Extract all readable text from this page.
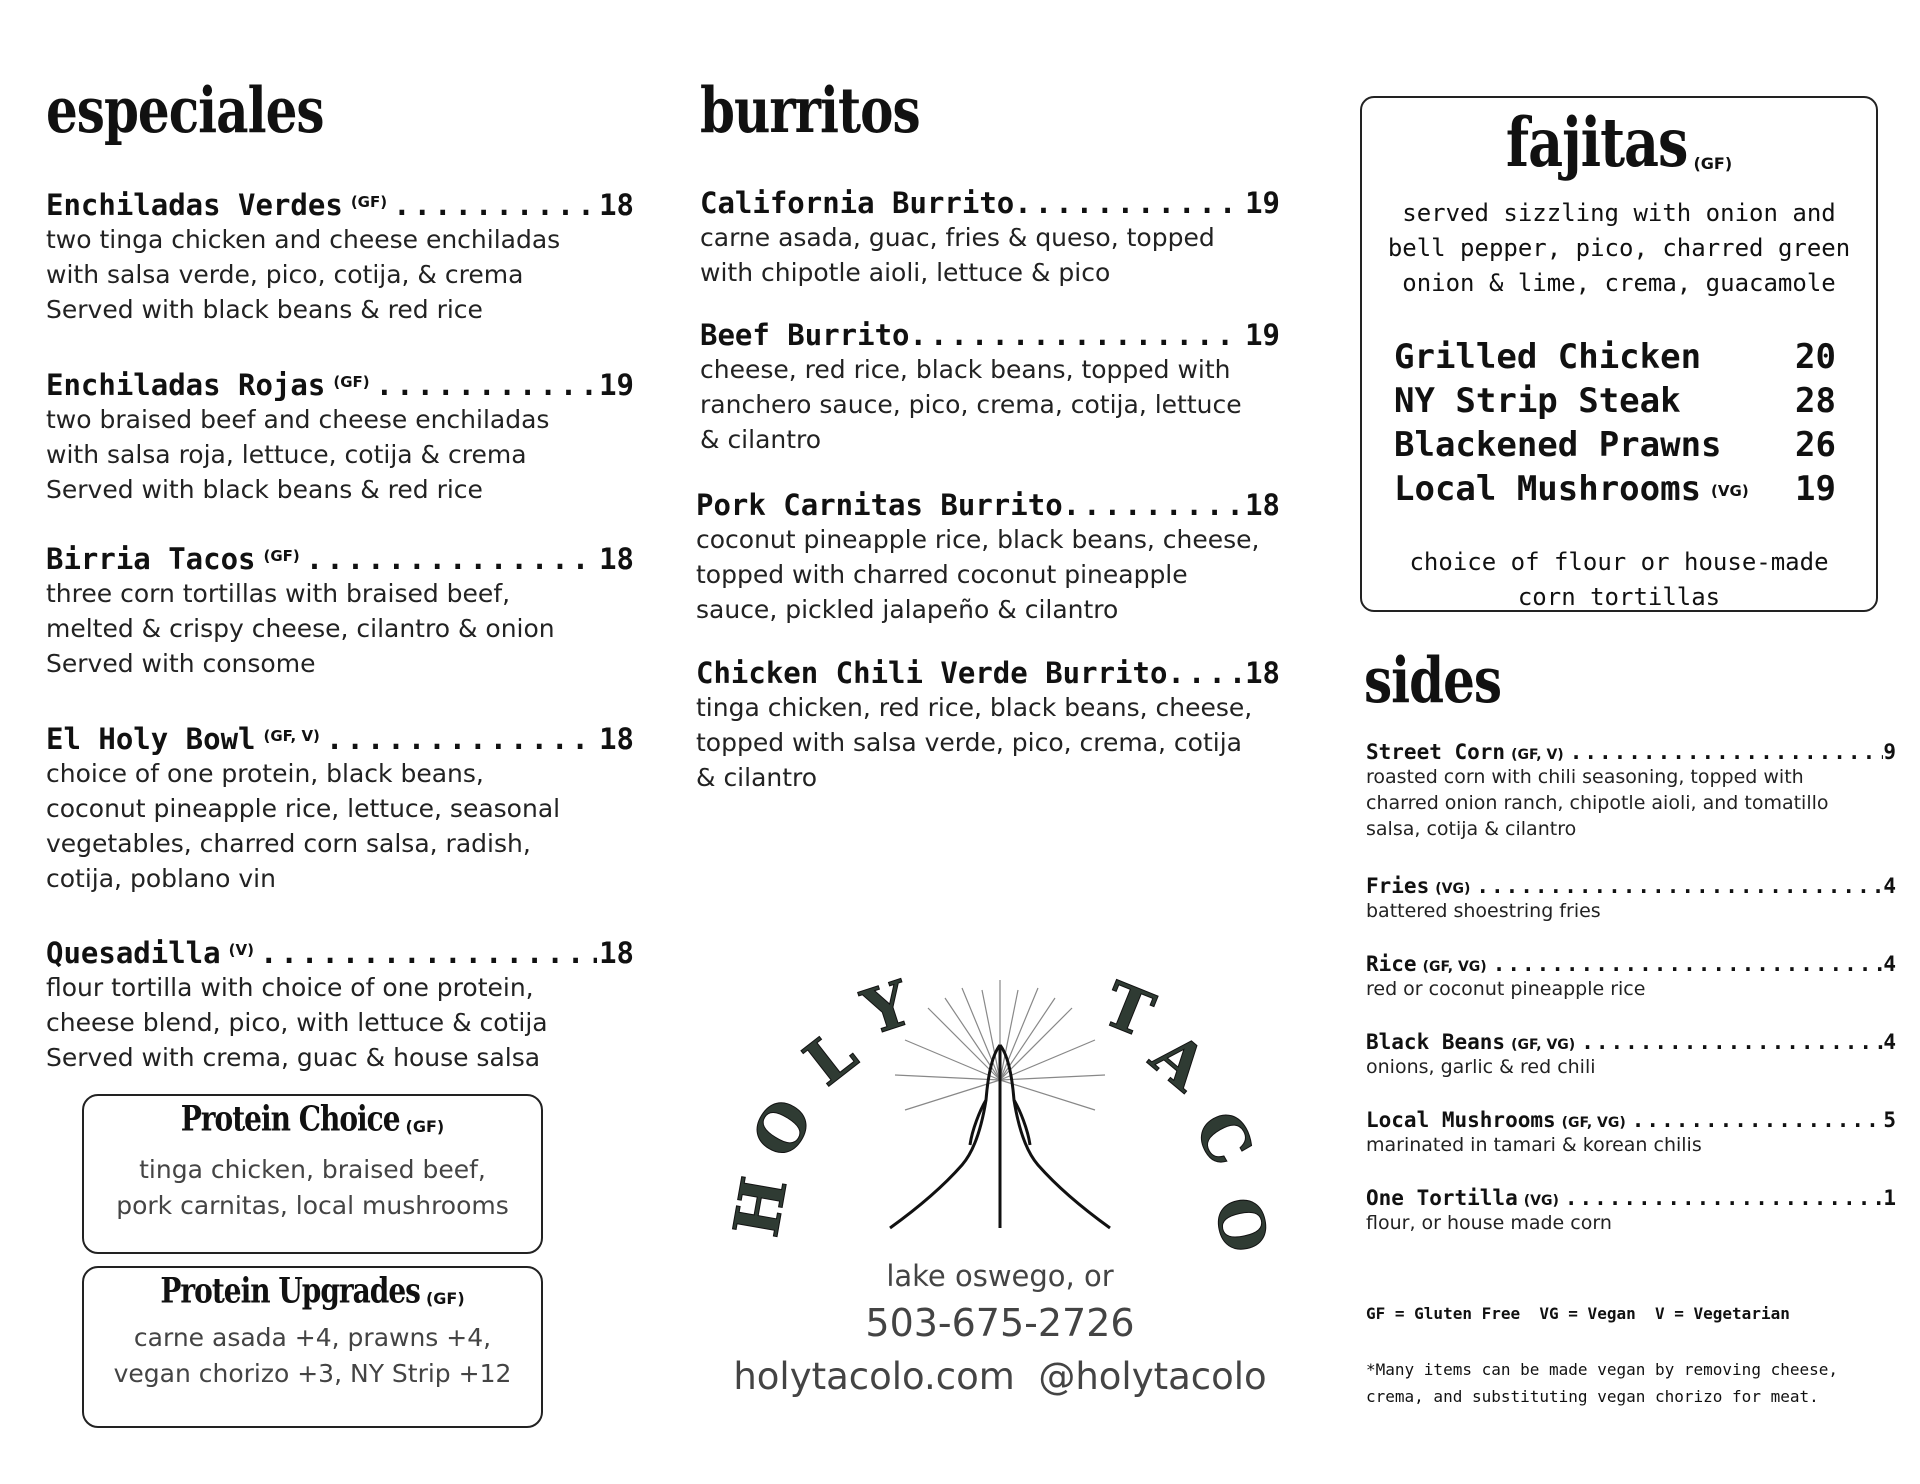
especiales
Enchiladas Verdes (GF) .....	18
two tinga chicken and cheese enchiladas
with salsa verde, pico, cotija, & crema
Served with black beans & red rice
Enchiladas Rojas (GF) .....	19
two braised beef and cheese enchiladas
with salsa roja, lettuce, cotija & crema
Served with black beans & red rice
Birria Tacos (GF) .....	18
three corn tortillas with braised beef,
melted & crispy cheese, cilantro & onion
Served with consome
El Holy Bowl (GF, V) .....	18
choice of one protein, black beans,
coconut pineapple rice, lettuce, seasonal
vegetables, charred corn salsa, radish,
cotija, poblano vin
Quesadilla (V) .....	18
flour tortilla with choice of one protein,
cheese blend, pico, with lettuce & cotija
Served with crema, guac & house salsa
Protein Choice (GF)
tinga chicken, braised beef,
pork carnitas, local mushrooms
Protein Upgrades (GF)
carne asada +4, prawns +4,
vegan chorizo +3, NY Strip +12
burritos
California Burrito .....	19
carne asada, guac, fries & queso, topped
with chipotle aioli, lettuce & pico
Beef Burrito .....	19
cheese, red rice, black beans, topped with
ranchero sauce, pico, crema, cotija, lettuce
& cilantro
Pork Carnitas Burrito .....	18
coconut pineapple rice, black beans, cheese,
topped with charred coconut pineapple
sauce, pickled jalapeño & cilantro
Chicken Chili Verde Burrito .....	18
tinga chicken, red rice, black beans, cheese,
topped with salsa verde, pico, crema, cotija
& cilantro
H
O
L
Y	T
A
C
O
lake oswego, or
503-675-2726
holytacolo.com  @holytacolo
fajitas (GF)
served sizzling with onion and
bell pepper, pico, charred green
onion & lime, crema, guacamole
Grilled Chicken	20
NY Strip Steak	28
Blackened Prawns 26
Local Mushrooms (VG) 19
choice of flour or house-made
corn tortillas
sides
Street Corn (GF, V) .....	9
roasted corn with chili seasoning, topped with
charred onion ranch, chipotle aioli, and tomatillo
salsa, cotija & cilantro
Fries (VG) .....	4
battered shoestring fries
Rice (GF, VG) .....	4
red or coconut pineapple rice
Black Beans (GF, VG) .....	4
onions, garlic & red chili
Local Mushrooms (GF, VG) .....	5
marinated in tamari & korean chilis
One Tortilla (VG) .....	1
flour, or house made corn
GF = Gluten Free  VG = Vegan  V = Vegetarian
*Many items can be made vegan by removing cheese,
crema, and substituting vegan chorizo for meat.
